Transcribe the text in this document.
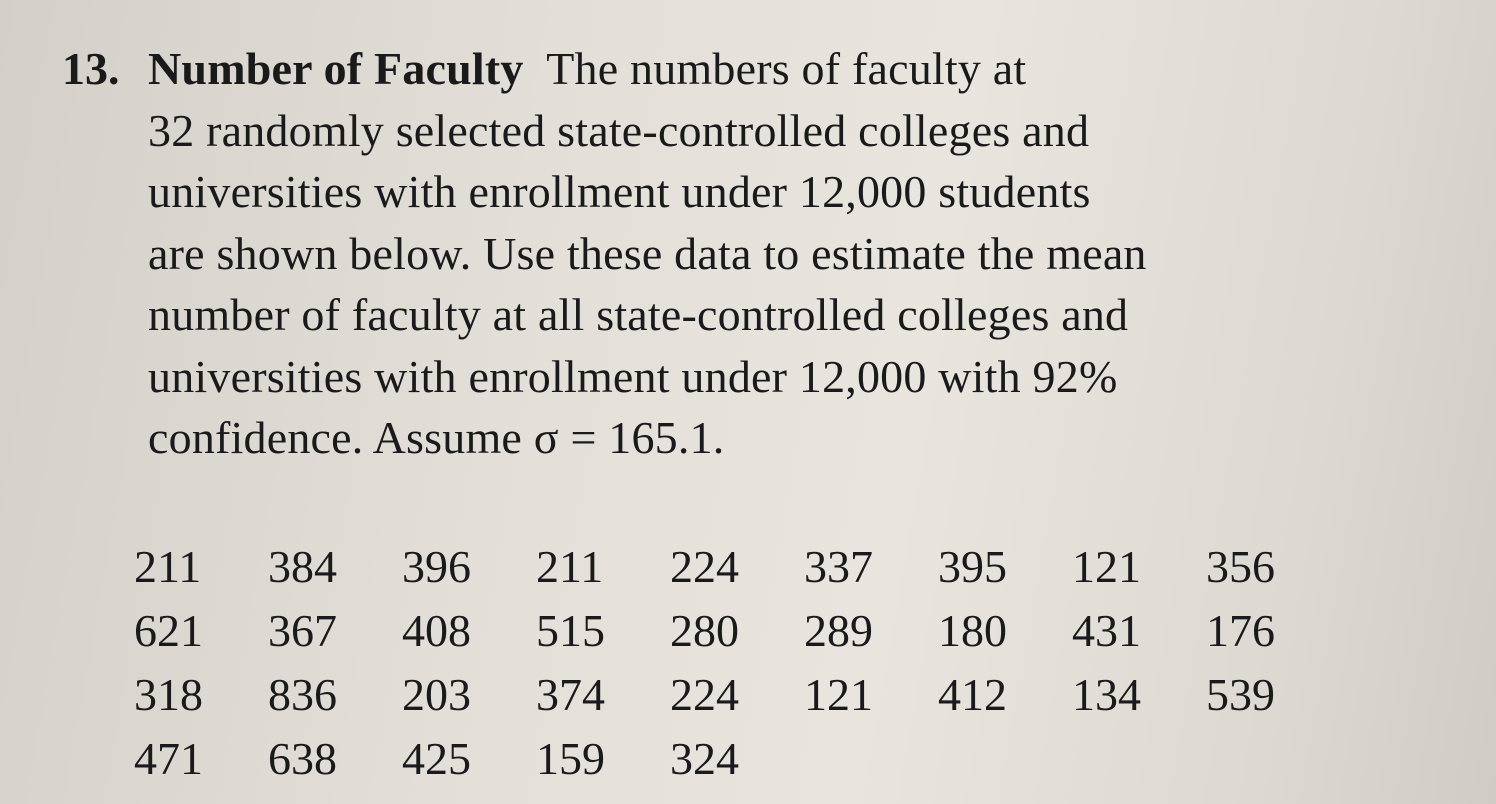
13. Number of Faculty The numbers of faculty at
32 randomly selected state-controlled colleges and
universities with enrollment under 12,000 students
are shown below. Use these data to estimate the mean
number of faculty at all state-controlled colleges and
universities with enrollment under 12,000 with 92%
confidence. Assume σ = 165.1.
211	384	396	211	224	337	395	121	356
621	367	408	515	280	289	180	431	176
318	836	203	374	224	121	412	134	539
471	638	425	159	324				
